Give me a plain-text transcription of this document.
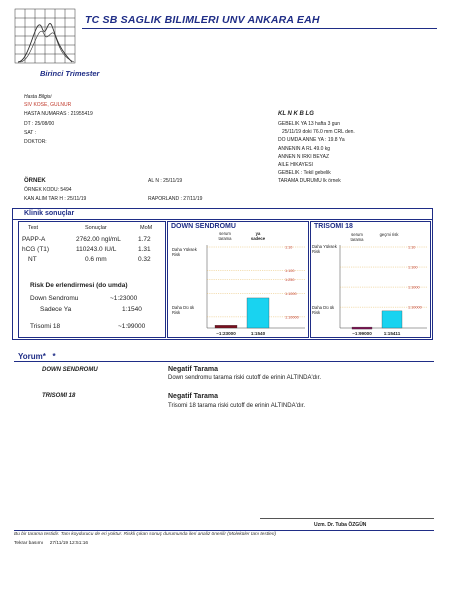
TC SB SAGLIK BILIMLERI UNV ANKARA EAH
Birinci Trimester
Hasta Bilgisi
SIV KOSE, GULNUR
HASTA NUMARAS : 21955419
DT : 25/08/00
SAT :
DOKTOR:
KL N K B LG
GEBELIK YA 13 hafta 3 gun
25/11/19 doki 76.0 mm CRL den.
DO UMDA ANNE YA : 19.8 Ya
ANNENIN A RL 49.0 kg
ANNEN N IRKI BEYAZ
AILE HIKAYESI
GEBELIK : Tekil gebelik
TARAMA DURUMU lk örnek
ÖRNEK
ÖRNEK KODU: 5494
KAN ALIM TAR H : 25/11/19
AL N : 25/11/19
RAPORLAND : 27/11/19
Klinik sonuçlar
Test	Sonuçlar	MoM
PAPP-A	2762.00 ngl/mL	1.72
hCG (T1)	110243.0 IU/L	1.31
NT	0.6 mm	0.32
Risk De erlendirmesi (do umda)
Down Sendromu	~1:23000
Sadece Ya	1:1540
Trisomi 18	~1:99000
DOWN SENDROMU
serum tarama
ya sadece
Daha Yüksek Risk
Daha Dü ük Risk
1:10
1:100
1:250
1:1000
1:10000
~1:23000	1:1540
TRISOMI 18
serum tarama
geçmi risk
Daha Yüksek Risk
Daha Dü ük Risk
1:10
1:100
1:1000
1:10000
~1:99000	1:15411
Yorum*   *
DOWN SENDROMU	Negatif Tarama
Down sendromu tarama riski cutoff de erinin ALTINDA'dır.
TRISOMI 18	Negatif Tarama
Trisomi 18 tarama riski cutoff de erinin ALTINDA'dır.
Uzm. Dr. Tuba ÖZGÜN
Bu bir tarama testidir. Tanı koydurucu de eri yoktur. Riskli çıkan sonuç durumunda ileri analiz önerilir (Moleküler tanı testleri)
Tekrar basımı     27/11/19 12:51:16
